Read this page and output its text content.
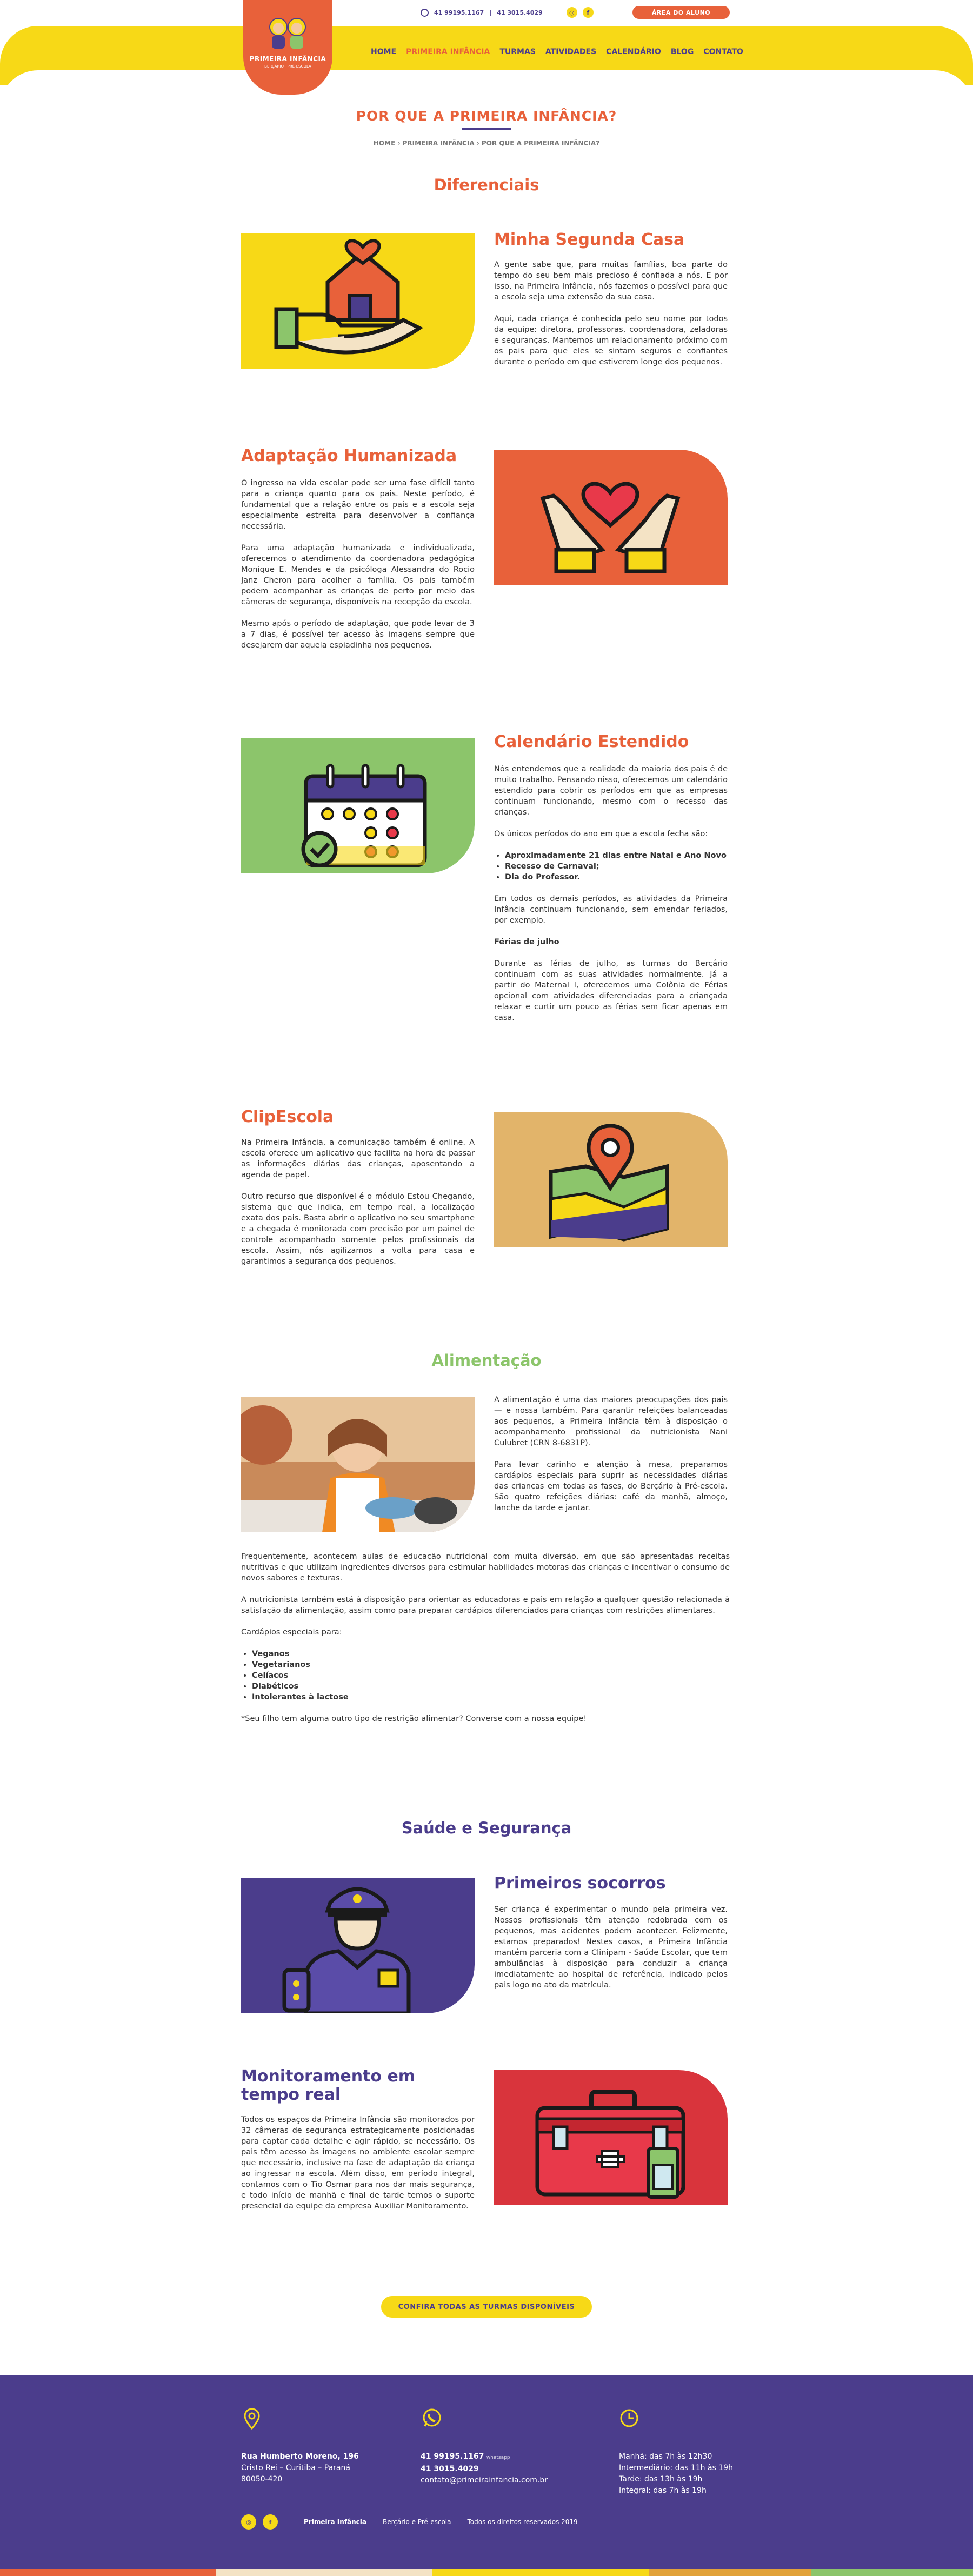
PRIMEIRA INFÂNCIA
BERÇÁRIO · PRÉ-ESCOLA
41 99195.1167 | 41 3015.4029	◎	f	ÁREA DO ALUNO
HOME PRIMEIRA INFÂNCIA TURMAS ATIVIDADES CALENDÁRIO BLOG CONTATO
POR QUE A PRIMEIRA INFÂNCIA?
HOME › PRIMEIRA INFÂNCIA › POR QUE A PRIMEIRA INFÂNCIA?
Diferenciais
Minha Segunda Casa

A gente sabe que, para muitas famílias, boa parte do tempo do seu bem mais precioso é confiada a nós. E por isso, na Primeira Infância, nós fazemos o possível para que a escola seja uma extensão da sua casa.

Aqui, cada criança é conhecida pelo seu nome por todos da equipe: diretora, professoras, coordenadora, zeladoras e seguranças. Mantemos um relacionamento próximo com os pais para que eles se sintam seguros e confiantes durante o período em que estiverem longe dos pequenos.

Adaptação Humanizada

O ingresso na vida escolar pode ser uma fase difícil tanto para a criança quanto para os pais. Neste período, é fundamental que a relação entre os pais e a escola seja especialmente estreita para desenvolver a confiança necessária.

Para uma adaptação humanizada e individualizada, oferecemos o atendimento da coordenadora pedagógica Monique E. Mendes e da psicóloga Alessandra do Rocio Janz Cheron para acolher a família. Os pais também podem acompanhar as crianças de perto por meio das câmeras de segurança, disponíveis na recepção da escola.

Mesmo após o período de adaptação, que pode levar de 3 a 7 dias, é possível ter acesso às imagens sempre que desejarem dar aquela espiadinha nos pequenos.

Calendário Estendido

Nós entendemos que a realidade da maioria dos pais é de muito trabalho. Pensando nisso, oferecemos um calendário estendido para cobrir os períodos em que as empresas continuam funcionando, mesmo com o recesso das crianças.

Os únicos períodos do ano em que a escola fecha são:

• Aproximadamente 21 dias entre Natal e Ano Novo
• Recesso de Carnaval;
• Dia do Professor.

Em todos os demais períodos, as atividades da Primeira Infância continuam funcionando, sem emendar feriados, por exemplo.

Férias de julho

Durante as férias de julho, as turmas do Berçário continuam com as suas atividades normalmente. Já a partir do Maternal I, oferecemos uma Colônia de Férias opcional com atividades diferenciadas para a criançada relaxar e curtir um pouco as férias sem ficar apenas em casa.

ClipEscola

Na Primeira Infância, a comunicação também é online. A escola oferece um aplicativo que facilita na hora de passar as informações diárias das crianças, aposentando a agenda de papel.

Outro recurso que disponível é o módulo Estou Chegando, sistema que que indica, em tempo real, a localização exata dos pais. Basta abrir o aplicativo no seu smartphone e a chegada é monitorada com precisão por um painel de controle acompanhado somente pelos profissionais da escola. Assim, nós agilizamos a volta para casa e garantimos a segurança dos pequenos.

Alimentação

A alimentação é uma das maiores preocupações dos pais — e nossa também. Para garantir refeições balanceadas aos pequenos, a Primeira Infância têm à disposição o acompanhamento profissional da nutricionista Nani Culubret (CRN 8-6831P).

Para levar carinho e atenção à mesa, preparamos cardápios especiais para suprir as necessidades diárias das crianças em todas as fases, do Berçário à Pré-escola. São quatro refeições diárias: café da manhã, almoço, lanche da tarde e jantar.

Frequentemente, acontecem aulas de educação nutricional com muita diversão, em que são apresentadas receitas nutritivas e que utilizam ingredientes diversos para estimular habilidades motoras das crianças e incentivar o consumo de novos sabores e texturas.

A nutricionista também está à disposição para orientar as educadoras e pais em relação a qualquer questão relacionada à satisfação da alimentação, assim como para preparar cardápios diferenciados para crianças com restrições alimentares.

Cardápios especiais para:

• Veganos
• Vegetarianos
• Celíacos
• Diabéticos
• Intolerantes à lactose

*Seu filho tem alguma outro tipo de restrição alimentar? Converse com a nossa equipe!

Saúde e Segurança
Primeiros socorros

Ser criança é experimentar o mundo pela primeira vez. Nossos profissionais têm atenção redobrada com os pequenos, mas acidentes podem acontecer. Felizmente, estamos preparados! Nestes casos, a Primeira Infância mantém parceria com a Clinipam - Saúde Escolar, que tem ambulâncias à disposição para conduzir a criança imediatamente ao hospital de referência, indicado pelos pais logo no ato da matrícula.

Monitoramento em
tempo real

Todos os espaços da Primeira Infância são monitorados por 32 câmeras de segurança estrategicamente posicionadas para captar cada detalhe e agir rápido, se necessário. Os pais têm acesso às imagens no ambiente escolar sempre que necessário, inclusive na fase de adaptação da criança ao ingressar na escola. Além disso, em período integral, contamos com o Tio Osmar para nos dar mais segurança, e todo início de manhã e final de tarde temos o suporte presencial da equipe da empresa Auxiliar Monitoramento.

CONFIRA TODAS AS TURMAS DISPONÍVEIS
Rua Humberto Moreno, 196
Cristo Rei – Curitiba – Paraná
80050-420
41 99195.1167 whatsapp
41 3015.4029
contato@primeirainfancia.com.br
Manhã: das 7h às 12h30
Intermediário: das 11h às 19h
Tarde: das 13h às 19h
Integral: das 7h às 19h
◎	f	Primeira Infância – Berçário e Pré-escola – Todos os direitos reservados 2019
